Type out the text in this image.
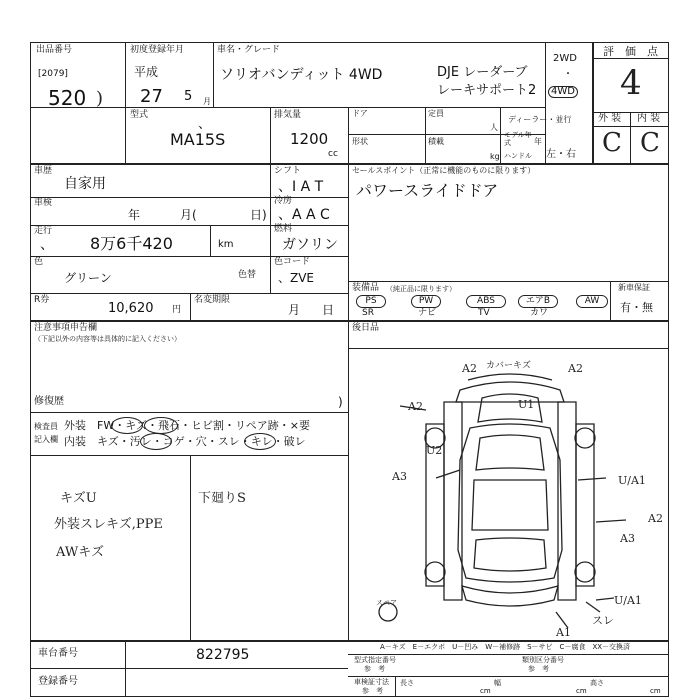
出品番号
[2079]
520 )
初度登録年月
平成
27 5 月
車名・グレード
ソリオバンディット 4WD	DJE レーダーブ
レーキサポート2
2WD
・
4WD
評　価　点
4
外 装 内 装
C C
型式
、
MA15S
排気量
1200
cc
ドア	定員
人
ディーラー・並行
形状	積載
kg
モデル年式	年
ハンドル 左・右
車歴
自家用
シフト
、I A T
車検
年	月(	日)
冷房
、A A C
走行
、 8万6千420	km
燃料
ガソリン
色
グリーン	色替
色コード
、ZVE
R券
10,620 円
名変期限
月 日
セールスポイント（正常に機能のものに限ります）
パワースライドドア
装備品 （純正品に限ります）
PS	PW	ABS	エアB	AW
SR	ナビ	TV	カワ
新車保証
有・無
注意事項申告欄
（下記以外の内容等は具体的に記入ください）
後日品
修復歴	)
検査員
記入欄
外装　FW・キズ・飛石・ヒビ割・リペア跡・×要
内装　キズ・汚レ・コゲ・穴・スレ・キレ・破レ
キズU
外装スレキズ,PPE
AWキズ
下廻りS
A2 カバーキズ	A2
A2	U1
U2
A3	U/A1
A2
A3
U/A1
スレ
A1
スペア
A－キズ　E－エクボ　U－凹み　W－補修跡　S－サビ　C－腐食　XX－交換済
車台番号	822795
登録番号
型式指定番号
参　考
類別区分番号
参　考
車検証寸法
参　考
長さ
cm
幅
cm
高さ
cm
